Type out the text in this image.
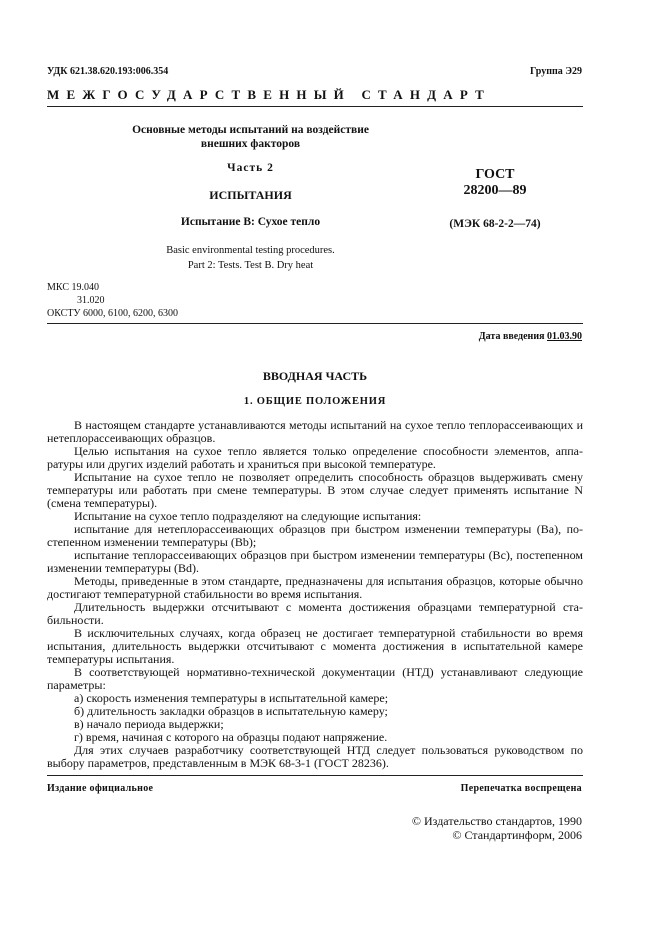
УДК 621.38.620.193:006.354	Группа Э29
МЕЖГОСУДАРСТВЕННЫЙ СТАНДАРТ
Основные методы испытаний на воздействие
внешних факторов
Часть 2
ИСПЫТАНИЯ
Испытание В: Сухое тепло
Basic environmental testing procedures.
Part 2: Tests. Test B. Dry heat
ГОСТ
28200—89
(МЭК 68-2-2—74)
МКС 19.040
31.020
ОКСТУ 6000, 6100, 6200, 6300
Дата введения 01.03.90
ВВОДНАЯ ЧАСТЬ
1. ОБЩИЕ ПОЛОЖЕНИЯ

В настоящем стандарте устанавливаются методы испытаний на сухое тепло теплорассеивающих и нетеплорассеивающих образцов.

Целью испытания на сухое тепло является только определение способности элементов, аппаратуры или других изделий работать и храниться при высокой температуре.

Испытание на сухое тепло не позволяет определить способность образцов выдерживать смену температуры или работать при смене температуры. В этом случае следует применять испытание N (смена температуры).

Испытание на сухое тепло подразделяют на следующие испытания:

испытание для нетеплорассеивающих образцов при быстром изменении температуры (Ва), постепенном изменении температуры (Вb);

испытание теплорассеивающих образцов при быстром изменении температуры (Вс), постепенном изменении температуры (Вd).

Методы, приведенные в этом стандарте, предназначены для испытания образцов, которые обычно достигают температурной стабильности во время испытания.

Длительность выдержки отсчитывают с момента достижения образцами температурной стабильности.

В исключительных случаях, когда образец не достигает температурной стабильности во время испытания, длительность выдержки отсчитывают с момента достижения в испытательной камере температуры испытания.

В соответствующей нормативно-технической документации (НТД) устанавливают следующие параметры:

а) скорость изменения температуры в испытательной камере;

б) длительность закладки образцов в испытательную камеру;

в) начало периода выдержки;

г) время, начиная с которого на образцы подают напряжение.

Для этих случаев разработчику соответствующей НТД следует пользоваться руководством по выбору параметров, представленным в МЭК 68-3-1 (ГОСТ 28236).

Издание официальное	Перепечатка воспрещена
© Издательство стандартов, 1990
© Стандартинформ, 2006
